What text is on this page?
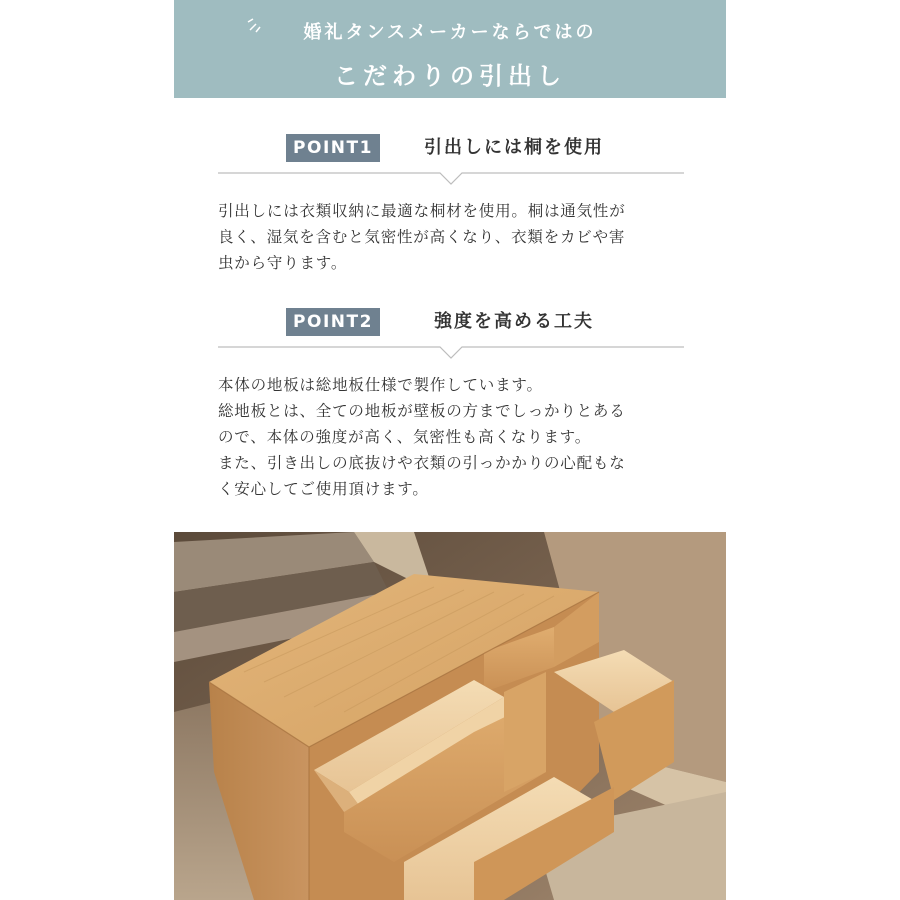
婚礼タンスメーカーならではの
こだわりの引出し
POINT1	引出しには桐を使用

引出しには衣類収納に最適な桐材を使用。桐は通気性が
良く、湿気を含むと気密性が高くなり、衣類をカビや害
虫から守ります。

POINT2	強度を高める工夫

本体の地板は総地板仕様で製作しています。
総地板とは、全ての地板が壁板の方までしっかりとある
ので、本体の強度が高く、気密性も高くなります。
また、引き出しの底抜けや衣類の引っかかりの心配もな
く安心してご使用頂けます。
